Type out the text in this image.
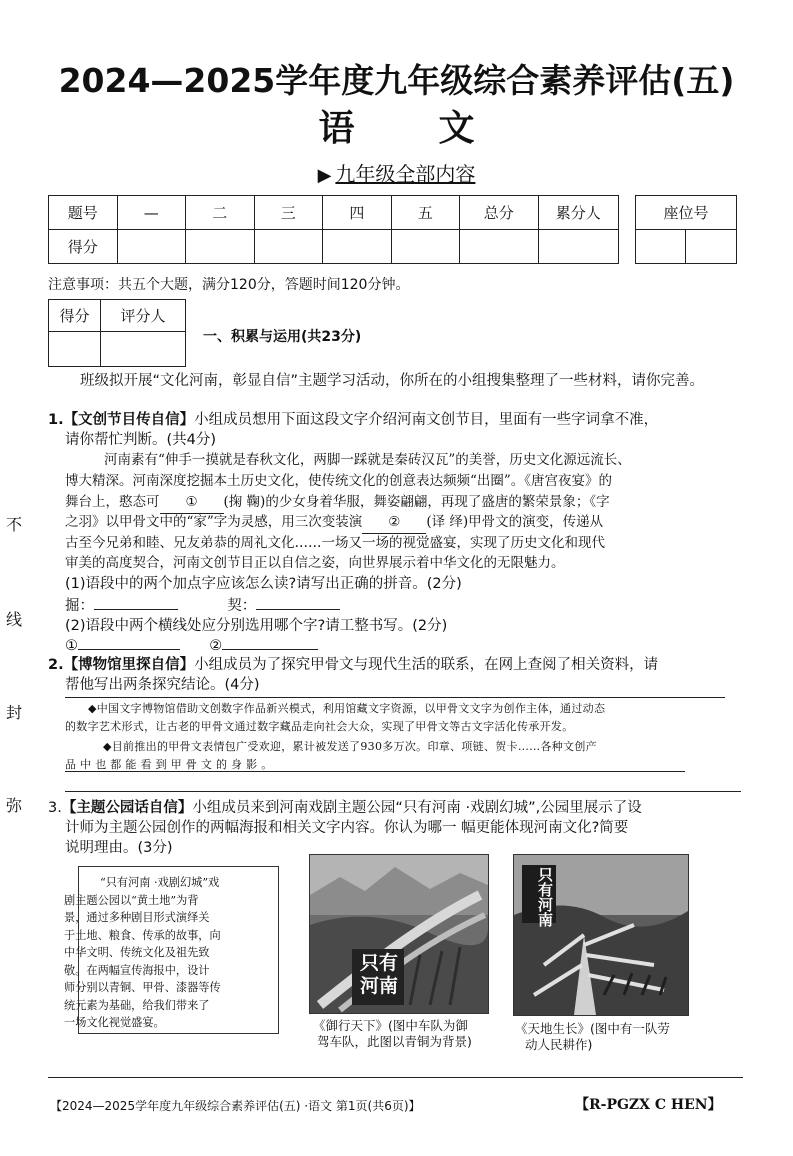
2024—2025学年度九年级综合素养评估(五)
语文
▶ 九年级全部内容
题号	—	二	三	四	五	总分	累分人
得分							
座位号

注意事项：共五个大题，满分120分，答题时间120分钟。
得分	评分人

一、积累与运用(共23分)
不
线
封
弥
班级拟开展“文化河南，彰显自信”主题学习活动，你所在的小组搜集整理了一些材料，请你完善。
1.【文创节目传自信】小组成员想用下面这段文字介绍河南文创节目，里面有一些字词拿不准，
请你帮忙判断。(共4分)
河南素有“伸手一摸就是春秋文化，两脚一踩就是秦砖汉瓦”的美誉，历史文化源远流长、
博大精深。河南深度挖掘本土历史文化，使传统文化的创意表达频频“出圈”。《唐宫夜宴》的
舞台上，憨态可 ① (掬 鞠)的少女身着华服，舞姿翩翩，再现了盛唐的繁荣景象；《字
之羽》以甲骨文中的“家”字为灵感，用三次变装演 ② (译 绎)甲骨文的演变，传递从
古至今兄弟和睦、兄友弟恭的周礼文化……一场又一场的视觉盛宴，实现了历史文化和现代
审美的高度契合，河南文创节目正以自信之姿，向世界展示着中华文化的无限魅力。
(1)语段中的两个加点字应该怎么读?请写出正确的拼音。(2分)
掘：	契：
(2)语段中两个横线处应分别选用哪个字?请工整书写。(2分)
①	②
2.【博物馆里探自信】小组成员为了探究甲骨文与现代生活的联系，在网上查阅了相关资料，请
帮他写出两条探究结论。(4分)
◆中国文字博物馆借助文创数字作品新兴模式，利用馆藏文字资源，以甲骨文文字为创作主体，通过动态
的数字艺术形式，让古老的甲骨文通过数字藏品走向社会大众，实现了甲骨文等古文字活化传承开发。
◆目前推出的甲骨文表情包广受欢迎，累计被发送了930多万次。印章、项链、贺卡……各种文创产
品 中 也 都 能 看 到 甲 骨 文 的 身 影 。
3.【主题公园话自信】小组成员来到河南戏剧主题公园“只有河南 ·戏剧幻城”,公园里展示了设
计师为主题公园创作的两幅海报和相关文字内容。你认为哪一 幅更能体现河南文化?简要
说明理由。(3分)
“只有河南 ·戏剧幻城”戏
剧主题公园以“黄土地”为背
景，通过多种剧目形式演绎关
于土地、粮食、传承的故事，向
中华文明、传统文化及祖先致
敬。在两幅宣传海报中，设计
师分别以青铜、甲骨、漆器等传
统元素为基础，给我们带来了
一场文化视觉盛宴。
只有河南
《御行天下》(图中车队为御
驾车队，此图以青铜为背景)
只有河南
《天地生长》(图中有一队劳
动人民耕作)
【2024—2025学年度九年级综合素养评估(五) ·语文 第1页(共6页)】	【R-PGZX C HEN】
